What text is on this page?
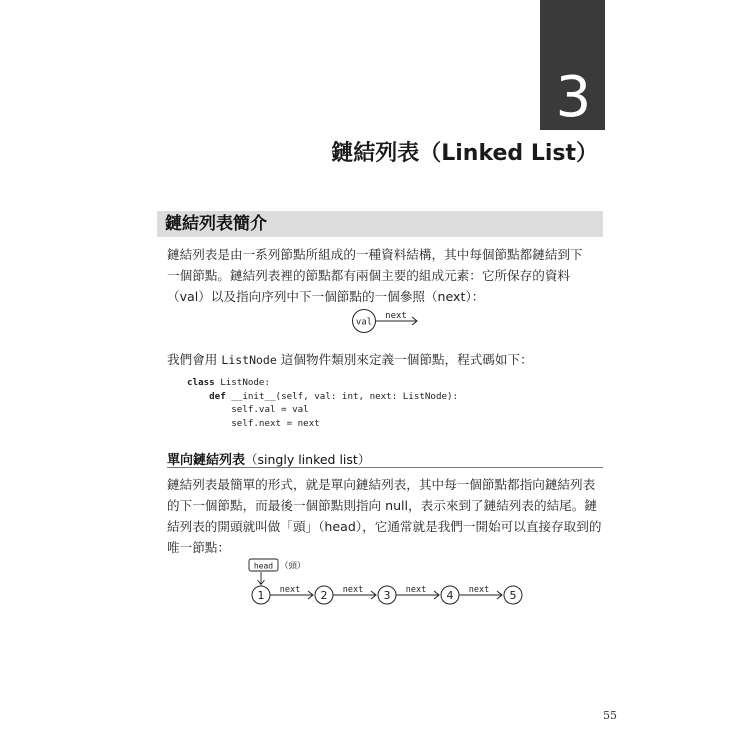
3
鏈結列表（Linked List）
鏈結列表簡介

鏈結列表是由一系列節點所組成的一種資料結構，其中每個節點都鏈結到下
一個節點。鏈結列表裡的節點都有兩個主要的組成元素：它所保存的資料
（val）以及指向序列中下一個節點的一個參照（next）：

val
next

我們會用 ListNode 這個物件類別來定義一個節點，程式碼如下：

class ListNode:
def __init__(self, val: int, next: ListNode):
self.val = val
self.next = next
單向鏈結列表（singly linked list）

鏈結列表最簡單的形式，就是單向鏈結列表，其中每一個節點都指向鏈結列表
的下一個節點，而最後一個節點則指向 null，表示來到了鏈結列表的結尾。鏈
結列表的開頭就叫做「頭」（head），它通常就是我們一開始可以直接存取到的
唯一節點：

head （頭）
1 next 2 next 3 next 4 next 5
55
